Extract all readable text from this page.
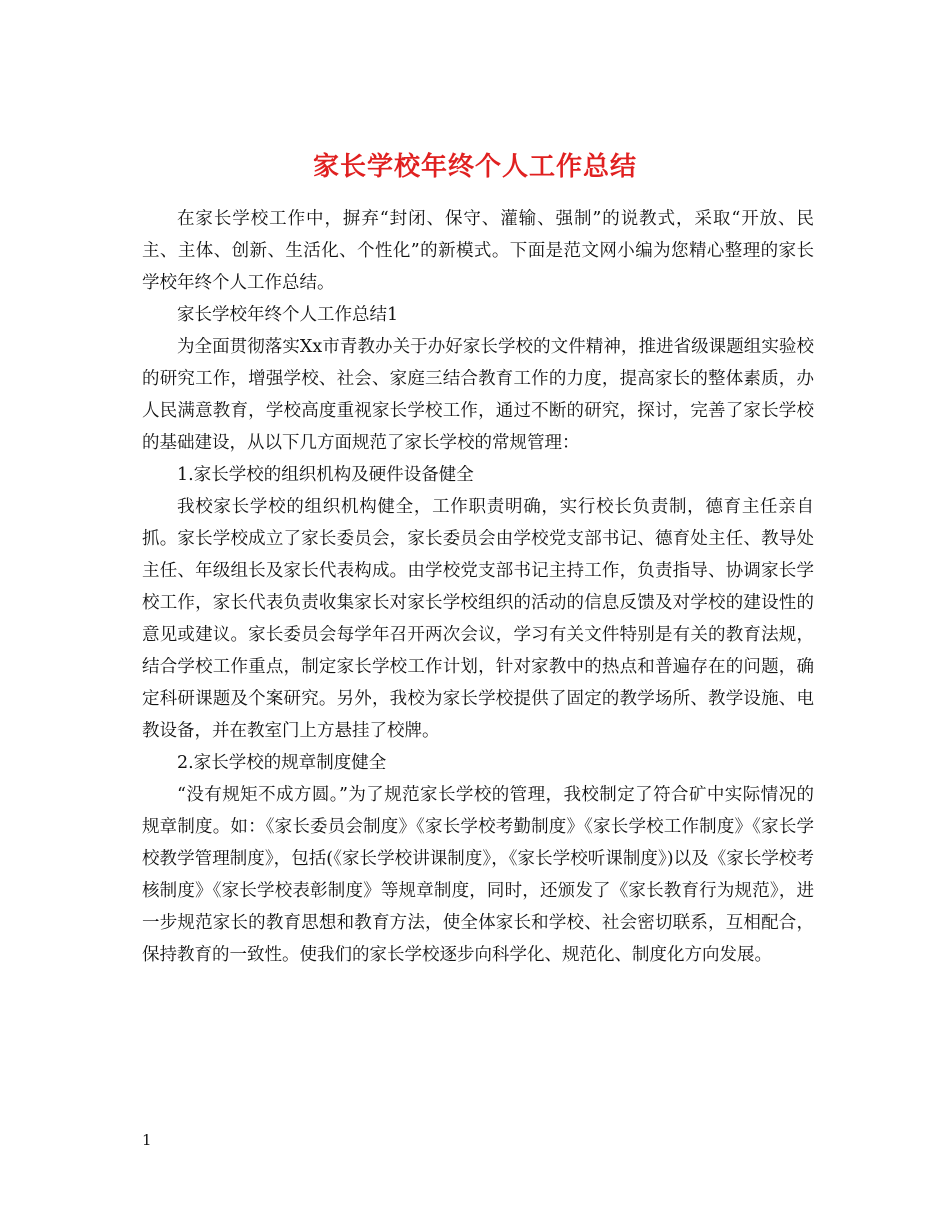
家长学校年终个人工作总结

在家长学校工作中，摒弃“封闭、保守、灌输、强制”的说教式，采取“开放、民主、主体、创新、生活化、个性化”的新模式。下面是范文网小编为您精心整理的家长学校年终个人工作总结。

家长学校年终个人工作总结1

为全面贯彻落实Xx市青教办关于办好家长学校的文件精神，推进省级课题组实验校的研究工作，增强学校、社会、家庭三结合教育工作的力度，提高家长的整体素质，办人民满意教育，学校高度重视家长学校工作，通过不断的研究，探讨，完善了家长学校的基础建设，从以下几方面规范了家长学校的常规管理：

1.家长学校的组织机构及硬件设备健全

我校家长学校的组织机构健全，工作职责明确，实行校长负责制，德育主任亲自抓。家长学校成立了家长委员会，家长委员会由学校党支部书记、德育处主任、教导处主任、年级组长及家长代表构成。由学校党支部书记主持工作，负责指导、协调家长学校工作，家长代表负责收集家长对家长学校组织的活动的信息反馈及对学校的建设性的意见或建议。家长委员会每学年召开两次会议，学习有关文件特别是有关的教育法规，结合学校工作重点，制定家长学校工作计划，针对家教中的热点和普遍存在的问题，确定科研课题及个案研究。另外，我校为家长学校提供了固定的教学场所、教学设施、电教设备，并在教室门上方悬挂了校牌。

2.家长学校的规章制度健全

“没有规矩不成方圆。”为了规范家长学校的管理，我校制定了符合矿中实际情况的规章制度。如：《家长委员会制度》《家长学校考勤制度》《家长学校工作制度》《家长学校教学管理制度》，包括(《家长学校讲课制度》，《家长学校听课制度》)以及《家长学校考核制度》《家长学校表彰制度》等规章制度，同时，还颁发了《家长教育行为规范》，进一步规范家长的教育思想和教育方法，使全体家长和学校、社会密切联系，互相配合，保持教育的一致性。使我们的家长学校逐步向科学化、规范化、制度化方向发展。

1
